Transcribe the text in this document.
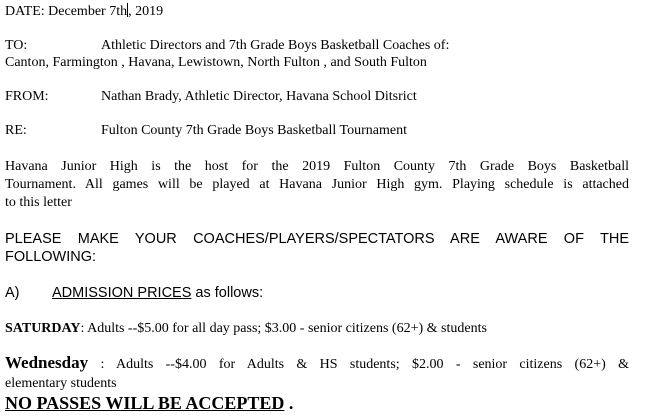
DATE: December 7th, 2019
TO:	Athletic Directors and 7th Grade Boys Basketball Coaches of:
Canton, Farmington , Havana, Lewistown, North Fulton , and South Fulton
FROM:	Nathan Brady, Athletic Director, Havana School Ditsrict
RE:	Fulton County 7th Grade Boys Basketball Tournament
Havana Junior High is the host for the 2019 Fulton County 7th Grade Boys Basketball
Tournament. All games will be played at Havana Junior High gym. Playing schedule is attached
to this letter
PLEASE MAKE YOUR COACHES/PLAYERS/SPECTATORS ARE AWARE OF THE
FOLLOWING:
A) ADMISSION PRICES as follows:
SATURDAY: Adults --$5.00 for all day pass; $3.00 - senior citizens (62+) & students
Wednesday : Adults --$4.00 for Adults & HS students; $2.00 - senior citizens (62+) &
elementary students
NO PASSES WILL BE ACCEPTED .
